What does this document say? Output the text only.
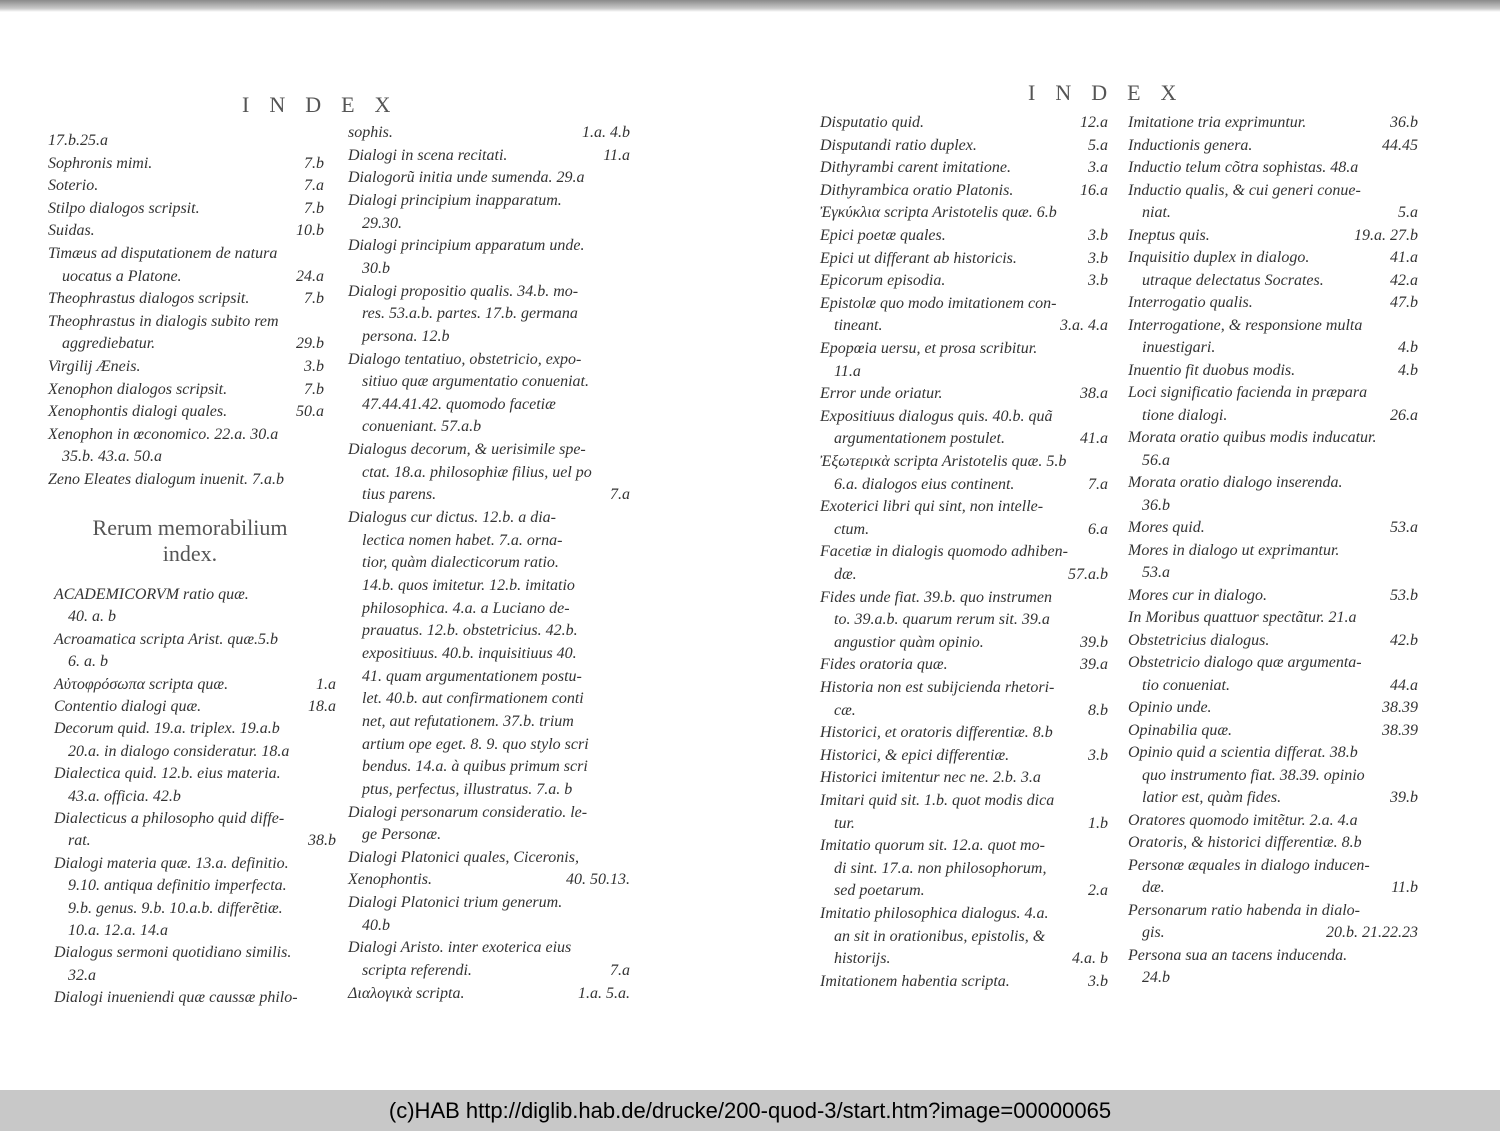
INDEX
17.b.25.a
Sophronis mimi.	7.b
Soterio.	7.a
Stilpo dialogos scripsit.	7.b
Suidas.	10.b
Timæus ad disputationem de natura
uocatus a Platone.	24.a
Theophrastus dialogos scripsit.	7.b
Theophrastus in dialogis subito rem
aggrediebatur.	29.b
Virgilij Æneis.	3.b
Xenophon dialogos scripsit.	7.b
Xenophontis dialogi quales.	50.a
Xenophon in œconomico. 22.a. 30.a
35.b. 43.a. 50.a
Zeno Eleates dialogum inuenit. 7.a.b
Rerum memorabilium
index.
ACADEMICORVM ratio quæ.
40. a. b
Acroamatica scripta Arist. quæ.5.b
6. a. b
Αὐτοφρόσωπα scripta quæ.	1.a
Contentio dialogi quæ.	18.a
Decorum quid. 19.a. triplex. 19.a.b
20.a. in dialogo consideratur. 18.a
Dialectica quid. 12.b. eius materia.
43.a. officia. 42.b
Dialecticus a philosopho quid diffe-
rat.	38.b
Dialogi materia quæ. 13.a. definitio.
9.10. antiqua definitio imperfecta.
9.b. genus. 9.b. 10.a.b. differẽtiæ.
10.a. 12.a. 14.a
Dialogus sermoni quotidiano similis.
32.a
Dialogi inueniendi quæ caussæ philo-
sophis.	1.a. 4.b
Dialogi in scena recitati.	11.a
Dialogorũ initia unde sumenda. 29.a
Dialogi principium inapparatum.
29.30.
Dialogi principium apparatum unde.
30.b
Dialogi propositio qualis. 34.b. mo-
res. 53.a.b. partes. 17.b. germana
persona. 12.b
Dialogo tentatiuo, obstetricio, expo-
sitiuo quæ argumentatio conueniat.
47.44.41.42. quomodo facetiæ
conueniant. 57.a.b
Dialogus decorum, & uerisimile spe-
ctat. 18.a. philosophiæ filius, uel po
tius parens.	7.a
Dialogus cur dictus. 12.b. a dia-
lectica nomen habet. 7.a. orna-
tior, quàm dialecticorum ratio.
14.b. quos imitetur. 12.b. imitatio
philosophica. 4.a. a Luciano de-
prauatus. 12.b. obstetricius. 42.b.
expositiuus. 40.b. inquisitiuus 40.
41. quam argumentationem postu-
let. 40.b. aut confirmationem conti
net, aut refutationem. 37.b. trium
artium ope eget. 8. 9. quo stylo scri
bendus. 14.a. à quibus primum scri
ptus, perfectus, illustratus. 7.a. b
Dialogi personarum consideratio. le-
ge Personæ.
Dialogi Platonici quales, Ciceronis,
Xenophontis.	40. 50.13.
Dialogi Platonici trium generum.
40.b
Dialogi Aristo. inter exoterica eius
scripta referendi.	7.a
Διαλογικὰ scripta.	1.a. 5.a.
INDEX
Disputatio quid.	12.a
Disputandi ratio duplex.	5.a
Dithyrambi carent imitatione.	3.a
Dithyrambica oratio Platonis.	16.a
Ἐγκύκλια scripta Aristotelis quæ. 6.b
Epici poetæ quales.	3.b
Epici ut differant ab historicis.	3.b
Epicorum episodia.	3.b
Epistolæ quo modo imitationem con-
tineant.	3.a. 4.a
Epopœia uersu, et prosa scribitur.
11.a
Error unde oriatur.	38.a
Expositiuus dialogus quis. 40.b. quã
argumentationem postulet.	41.a
Ἐξωτερικὰ scripta Aristotelis quæ. 5.b
6.a. dialogos eius continent.	7.a
Exoterici libri qui sint, non intelle-
ctum.	6.a
Facetiæ in dialogis quomodo adhiben-
dæ.	57.a.b
Fides unde fiat. 39.b. quo instrumen
to. 39.a.b. quarum rerum sit. 39.a
angustior quàm opinio.	39.b
Fides oratoria quæ.	39.a
Historia non est subijcienda rhetori-
cæ.	8.b
Historici, et oratoris differentiæ. 8.b
Historici, & epici differentiæ.	3.b
Historici imitentur nec ne. 2.b. 3.a
Imitari quid sit. 1.b. quot modis dica
tur.	1.b
Imitatio quorum sit. 12.a. quot mo-
di sint. 17.a. non philosophorum,
sed poetarum.	2.a
Imitatio philosophica dialogus. 4.a.
an sit in orationibus, epistolis, &
historijs.	4.a. b
Imitationem habentia scripta.	3.b
Imitatione tria exprimuntur.	36.b
Inductionis genera.	44.45
Inductio telum cõtra sophistas. 48.a
Inductio qualis, & cui generi conue-
niat.	5.a
Ineptus quis.	19.a. 27.b
Inquisitio duplex in dialogo.	41.a
utraque delectatus Socrates.	42.a
Interrogatio qualis.	47.b
Interrogatione, & responsione multa
inuestigari.	4.b
Inuentio fit duobus modis.	4.b
Loci significatio facienda in præpara
tione dialogi.	26.a
Morata oratio quibus modis inducatur.
56.a
Morata oratio dialogo inserenda.
36.b
Mores quid.	53.a
Mores in dialogo ut exprimantur.
53.a
Mores cur in dialogo.	53.b
In Moribus quattuor spectãtur. 21.a
Obstetricius dialogus.	42.b
Obstetricio dialogo quæ argumenta-
tio conueniat.	44.a
Opinio unde.	38.39
Opinabilia quæ.	38.39
Opinio quid a scientia differat. 38.b
quo instrumento fiat. 38.39. opinio
latior est, quàm fides.	39.b
Oratores quomodo imitẽtur. 2.a. 4.a
Oratoris, & historici differentiæ. 8.b
Personæ æquales in dialogo inducen-
dæ.	11.b
Personarum ratio habenda in dialo-
gis.	20.b. 21.22.23
Persona sua an tacens inducenda.
24.b
(c)HAB http://diglib.hab.de/drucke/200-quod-3/start.htm?image=00000065
